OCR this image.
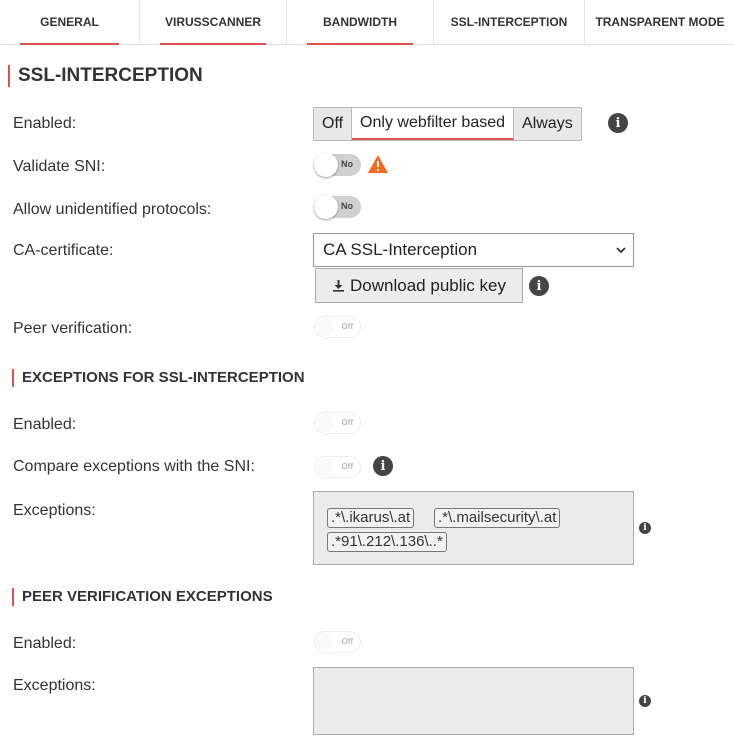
GENERAL	VIRUSSCANNER	BANDWIDTH	SSL-INTERCEPTION TRANSPARENT MODE
SSL-INTERCEPTION
Enabled:	Off	Only webfilter based	Always	i
Validate SNI:	No
Allow unidentified protocols:	No
CA-certificate:	CA SSL-Interception
Download public key	i
Peer verification:	Off
EXCEPTIONS FOR SSL-INTERCEPTION
Enabled:	Off
Compare exceptions with the SNI:	Off	i
Exceptions:	.*\.ikarus\.at .*\.mailsecurity\.at
.*91\.212\.136\..*
i
PEER VERIFICATION EXCEPTIONS
Enabled:	Off
Exceptions:
i
